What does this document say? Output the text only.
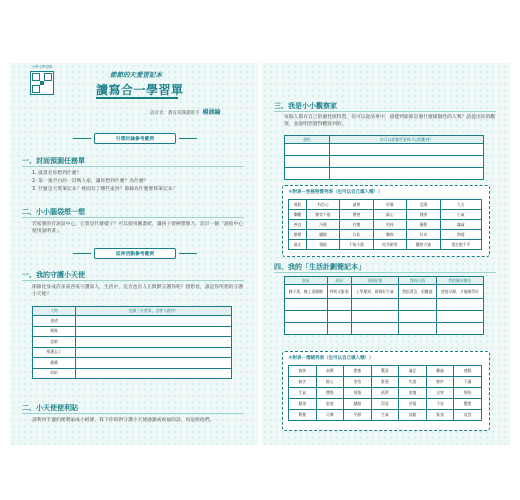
小學生學習單
節節的天愛習記本
讀寫合一學習單
設計者：教育部閱讀推手 楊涵綸
引導討論參考範例
一、封面預測任務單
1. 就書名你想到什麼？
2. 第一張空白的一頁嗎人家，讓你想到什麼？為什麼？
3. 什麼是天愛筆記本？裡面有了哪些東西？節錄為什麼要寫筆記本？
二、小小腦袋想一想
若家裏的有說話中心，它會是什麼樣子？可以使用圖畫紙，讓孩子發揮想像力，設計一個「說給中心使用說明書」。
延伸活動參考範例
一、我的守護小天使
節節化身成許多東西來守護家人，生活中，是否也有人正默默守護你呢？想想看，誰是你所想的守護小天使？
人物	他做了什麼事，怎麼守護你？
爸爸	
媽媽	
老師	
導護志工	
爺爺	
奶奶	
二、小天使便利貼
請利用手邊的便利貼或小紙條，寫下你寫對守護小天使感謝或祝福的話，再送給他們。
三、我是小小觀察家
每個人都有自己的個性與特質，你可以從故事中，感覺到節節是個什麼樣個性的人嗎？請提出你的觀察，並說明您覺得觀察到的。
個性	你可以從哪些事例可以推斷到？

＊附表－性格特質列表（也可以自己填入哦！）
勇敢	有信心	誠實	好勝	活潑	大方
樂觀	勤勞不倦	禮貌	細心	健康	小氣
善良	冷靜	有趣	堅持	衝動	謙虛
傲慢	驕傲	自私	懶惰	好奇	熱情
頑皮	積極	不拘小節	吃苦耐勞	觀察力強	愛打抱不平
四、我的「生活計劃簡記本」
狀況	原因	事後結果	我的心情	我的解決辦法
睡不著，晚上很睡醒	呼吸太緊張	上學遲到，媽媽好生氣	我很著急，很難過	要提早睡，才能睡得好

＊附表－情緒列表（也可以自己填入哦！）
愉快	高興	甜蜜	驚喜	滿足	難過	感動
痛苦	擔心	害怕	緊張	失望	嫉妒	不滿
生氣	懊悔	煩惱	孤單	羞愧	自卑	期待
厭煩	寂寞	驕傲	得意	苦惱	不安	驚慌
興奮	可憐	平靜	生氣	放鬆	緊張	哀怨
